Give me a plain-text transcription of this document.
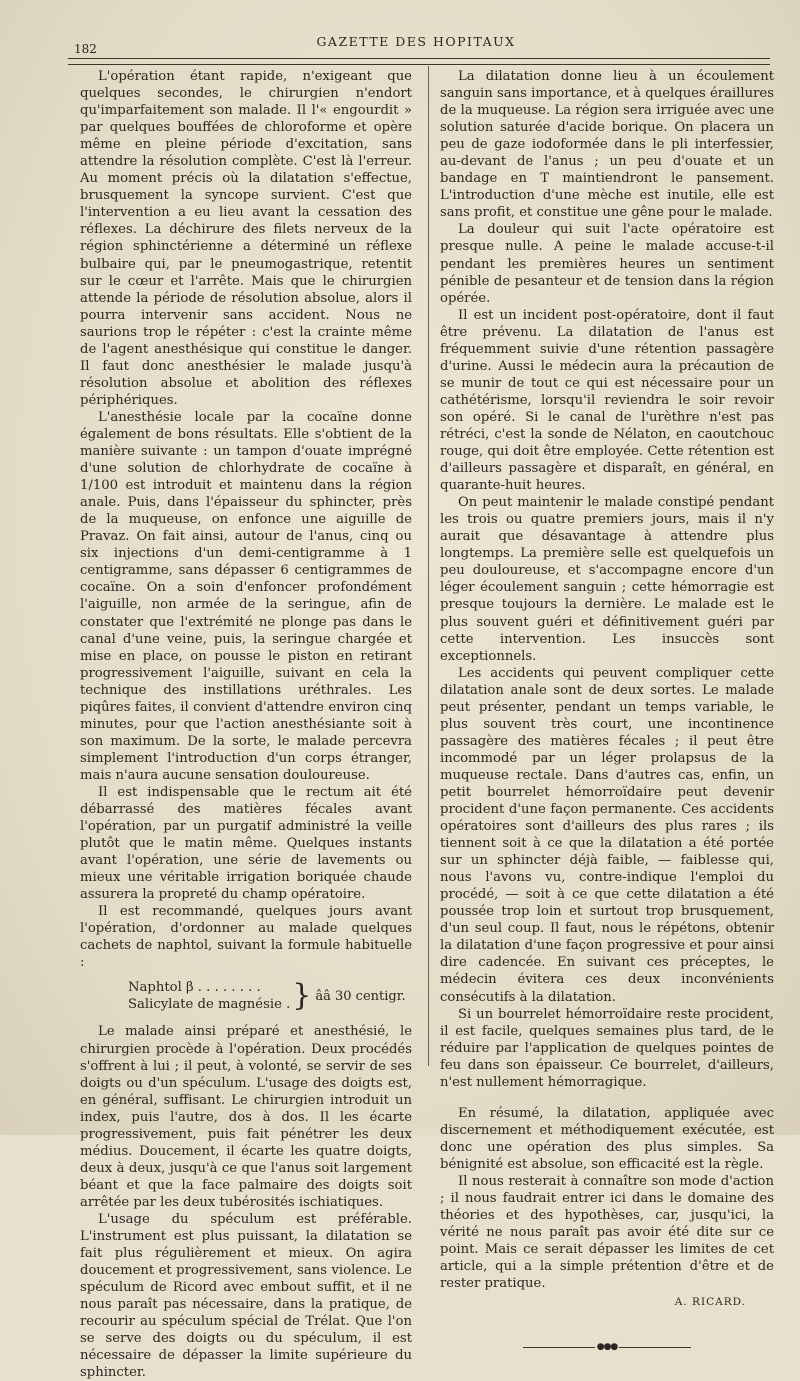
182	GAZETTE DES HOPITAUX

L'opération étant rapide, n'exigeant que quelques secondes, le chirurgien n'endort qu'imparfaitement son malade. Il l'« engourdit » par quelques bouffées de chloroforme et opère même en pleine période d'excitation, sans attendre la résolution complète. C'est là l'erreur. Au moment précis où la dilatation s'effectue, brusquement la syncope survient. C'est que l'intervention a eu lieu avant la cessation des réflexes. La déchirure des filets nerveux de la région sphinctérienne a déterminé un réflexe bulbaire qui, par le pneumogastrique, retentit sur le cœur et l'arrête. Mais que le chirurgien attende la période de résolution absolue, alors il pourra intervenir sans accident. Nous ne saurions trop le répéter : c'est la crainte même de l'agent anesthésique qui constitue le danger. Il faut donc anesthésier le malade jusqu'à résolution absolue et abolition des réflexes périphériques.

L'anesthésie locale par la cocaïne donne également de bons résultats. Elle s'obtient de la manière suivante : un tampon d'ouate imprégné d'une solution de chlorhydrate de cocaïne à 1/100 est introduit et maintenu dans la région anale. Puis, dans l'épaisseur du sphincter, près de la muqueuse, on enfonce une aiguille de Pravaz. On fait ainsi, autour de l'anus, cinq ou six injections d'un demi-centigramme à 1 centigramme, sans dépasser 6 centigrammes de cocaïne. On a soin d'enfoncer profondément l'aiguille, non armée de la seringue, afin de constater que l'extrémité ne plonge pas dans le canal d'une veine, puis, la seringue chargée et mise en place, on pousse le piston en retirant progressivement l'aiguille, suivant en cela la technique des instillations uréthrales. Les piqûres faites, il convient d'attendre environ cinq minutes, pour que l'action anesthésiante soit à son maximum. De la sorte, le malade percevra simplement l'introduction d'un corps étranger, mais n'aura aucune sensation douloureuse.

Il est indispensable que le rectum ait été débarrassé des matières fécales avant l'opération, par un purgatif administré la veille plutôt que le matin même. Quelques instants avant l'opération, une série de lavements ou mieux une véritable irrigation boriquée chaude assurera la propreté du champ opératoire.

Il est recommandé, quelques jours avant l'opération, d'ordonner au malade quelques cachets de naphtol, suivant la formule habituelle :

Naphtol β . . . . . . . .
Salicylate de magnésie . } ââ 30 centigr.

Le malade ainsi préparé et anesthésié, le chirurgien procède à l'opération. Deux procédés s'offrent à lui ; il peut, à volonté, se servir de ses doigts ou d'un spéculum. L'usage des doigts est, en général, suffisant. Le chirurgien introduit un index, puis l'autre, dos à dos. Il les écarte progressivement, puis fait pénétrer les deux médius. Doucement, il écarte les quatre doigts, deux à deux, jusqu'à ce que l'anus soit largement béant et que la face palmaire des doigts soit arrêtée par les deux tubérosités ischiatiques.

L'usage du spéculum est préférable. L'instrument est plus puissant, la dilatation se fait plus régulièrement et mieux. On agira doucement et progressivement, sans violence. Le spéculum de Ricord avec embout suffit, et il ne nous paraît pas nécessaire, dans la pratique, de recourir au spéculum spécial de Trélat. Que l'on se serve des doigts ou du spéculum, il est nécessaire de dépasser la limite supérieure du sphincter.

La dilatation donne lieu à un écoulement sanguin sans importance, et à quelques éraillures de la muqueuse. La région sera irriguée avec une solution saturée d'acide borique. On placera un peu de gaze iodoformée dans le pli interfessier, au-devant de l'anus ; un peu d'ouate et un bandage en T maintiendront le pansement. L'introduction d'une mèche est inutile, elle est sans profit, et constitue une gêne pour le malade.

La douleur qui suit l'acte opératoire est presque nulle. A peine le malade accuse-t-il pendant les premières heures un sentiment pénible de pesanteur et de tension dans la région opérée.

Il est un incident post-opératoire, dont il faut être prévenu. La dilatation de l'anus est fréquemment suivie d'une rétention passagère d'urine. Aussi le médecin aura la précaution de se munir de tout ce qui est nécessaire pour un cathétérisme, lorsqu'il reviendra le soir revoir son opéré. Si le canal de l'urèthre n'est pas rétréci, c'est la sonde de Nélaton, en caoutchouc rouge, qui doit être employée. Cette rétention est d'ailleurs passagère et disparaît, en général, en quarante-huit heures.

On peut maintenir le malade constipé pendant les trois ou quatre premiers jours, mais il n'y aurait que désavantage à attendre plus longtemps. La première selle est quelquefois un peu douloureuse, et s'accompagne encore d'un léger écoulement sanguin ; cette hémorragie est presque toujours la dernière. Le malade est le plus souvent guéri et définitivement guéri par cette intervention. Les insuccès sont exceptionnels.

Les accidents qui peuvent compliquer cette dilatation anale sont de deux sortes. Le malade peut présenter, pendant un temps variable, le plus souvent très court, une incontinence passagère des matières fécales ; il peut être incommodé par un léger prolapsus de la muqueuse rectale. Dans d'autres cas, enfin, un petit bourrelet hémorroïdaire peut devenir procident d'une façon permanente. Ces accidents opératoires sont d'ailleurs des plus rares ; ils tiennent soit à ce que la dilatation a été portée sur un sphincter déjà faible, — faiblesse qui, nous l'avons vu, contre-indique l'emploi du procédé, — soit à ce que cette dilatation a été poussée trop loin et surtout trop brusquement, d'un seul coup. Il faut, nous le répétons, obtenir la dilatation d'une façon progressive et pour ainsi dire cadencée. En suivant ces préceptes, le médecin évitera ces deux inconvénients consécutifs à la dilatation.

Si un bourrelet hémorroïdaire reste procident, il est facile, quelques semaines plus tard, de le réduire par l'application de quelques pointes de feu dans son épaisseur. Ce bourrelet, d'ailleurs, n'est nullement hémorragique.

En résumé, la dilatation, appliquée avec discernement et méthodiquement exécutée, est donc une opération des plus simples. Sa bénignité est absolue, son efficacité est la règle.

Il nous resterait à connaître son mode d'action ; il nous faudrait entrer ici dans le domaine des théories et des hypothèses, car, jusqu'ici, la vérité ne nous paraît pas avoir été dite sur ce point. Mais ce serait dépasser les limites de cet article, qui a la simple prétention d'être et de rester pratique.

A. RICARD.
●●●
